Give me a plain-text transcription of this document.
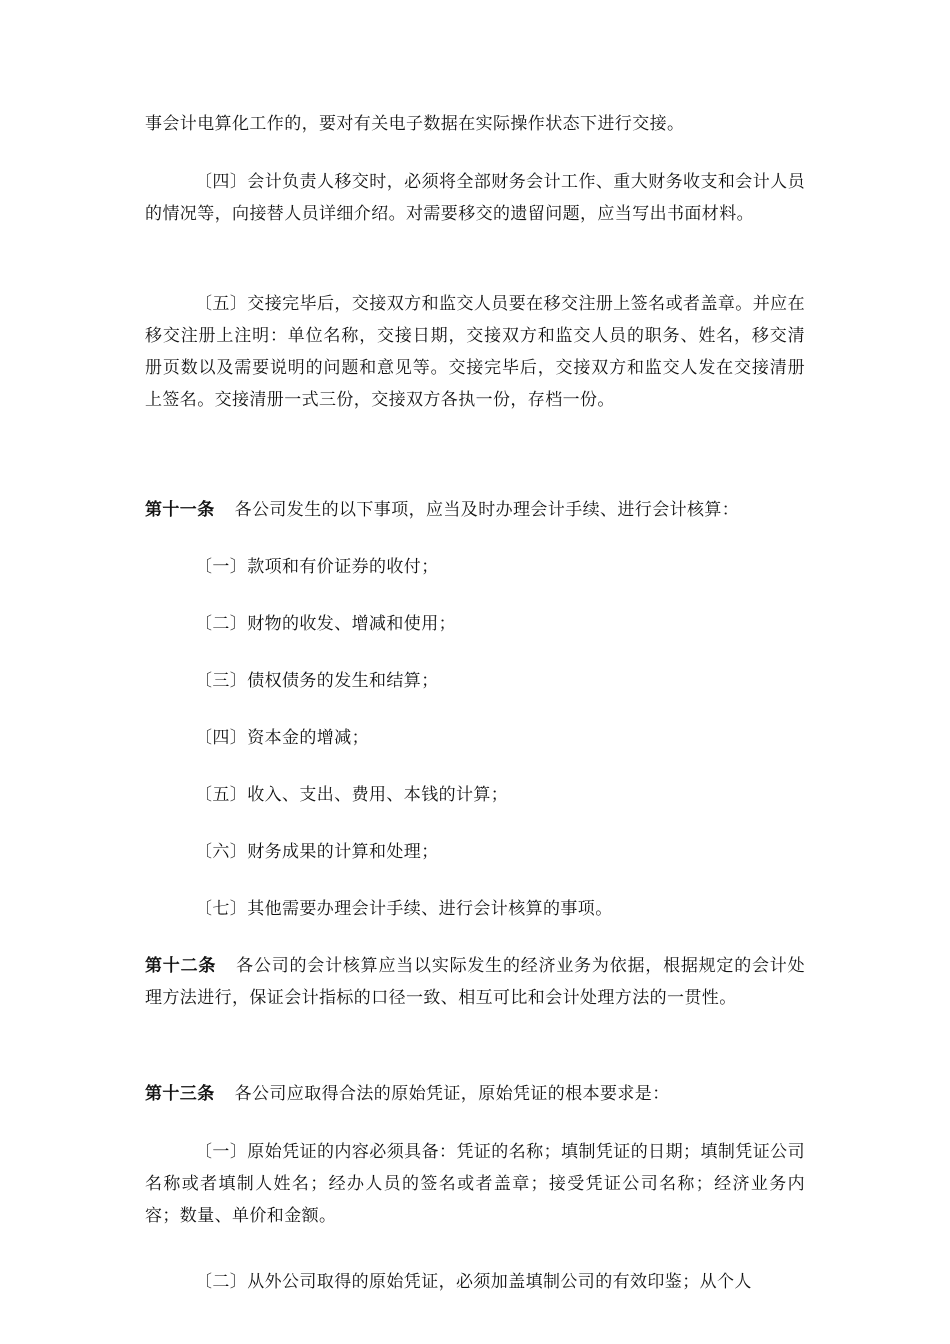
事会计电算化工作的，要对有关电子数据在实际操作状态下进行交接。

〔四〕会计负责人移交时，必须将全部财务会计工作、重大财务收支和会计人员的情况等，向接替人员详细介绍。对需要移交的遗留问题，应当写出书面材料。

〔五〕交接完毕后，交接双方和监交人员要在移交注册上签名或者盖章。并应在移交注册上注明：单位名称，交接日期，交接双方和监交人员的职务、姓名，移交清册页数以及需要说明的问题和意见等。交接完毕后，交接双方和监交人发在交接清册上签名。交接清册一式三份，交接双方各执一份，存档一份。

第十一条 各公司发生的以下事项，应当及时办理会计手续、进行会计核算：

〔一〕款项和有价证券的收付；

〔二〕财物的收发、增减和使用；

〔三〕债权债务的发生和结算；

〔四〕资本金的增减；

〔五〕收入、支出、费用、本钱的计算；

〔六〕财务成果的计算和处理；

〔七〕其他需要办理会计手续、进行会计核算的事项。

第十二条 各公司的会计核算应当以实际发生的经济业务为依据，根据规定的会计处理方法进行，保证会计指标的口径一致、相互可比和会计处理方法的一贯性。

第十三条 各公司应取得合法的原始凭证，原始凭证的根本要求是：

〔一〕原始凭证的内容必须具备：凭证的名称；填制凭证的日期；填制凭证公司名称或者填制人姓名；经办人员的签名或者盖章；接受凭证公司名称；经济业务内容；数量、单价和金额。

〔二〕从外公司取得的原始凭证，必须加盖填制公司的有效印鉴；从个人
